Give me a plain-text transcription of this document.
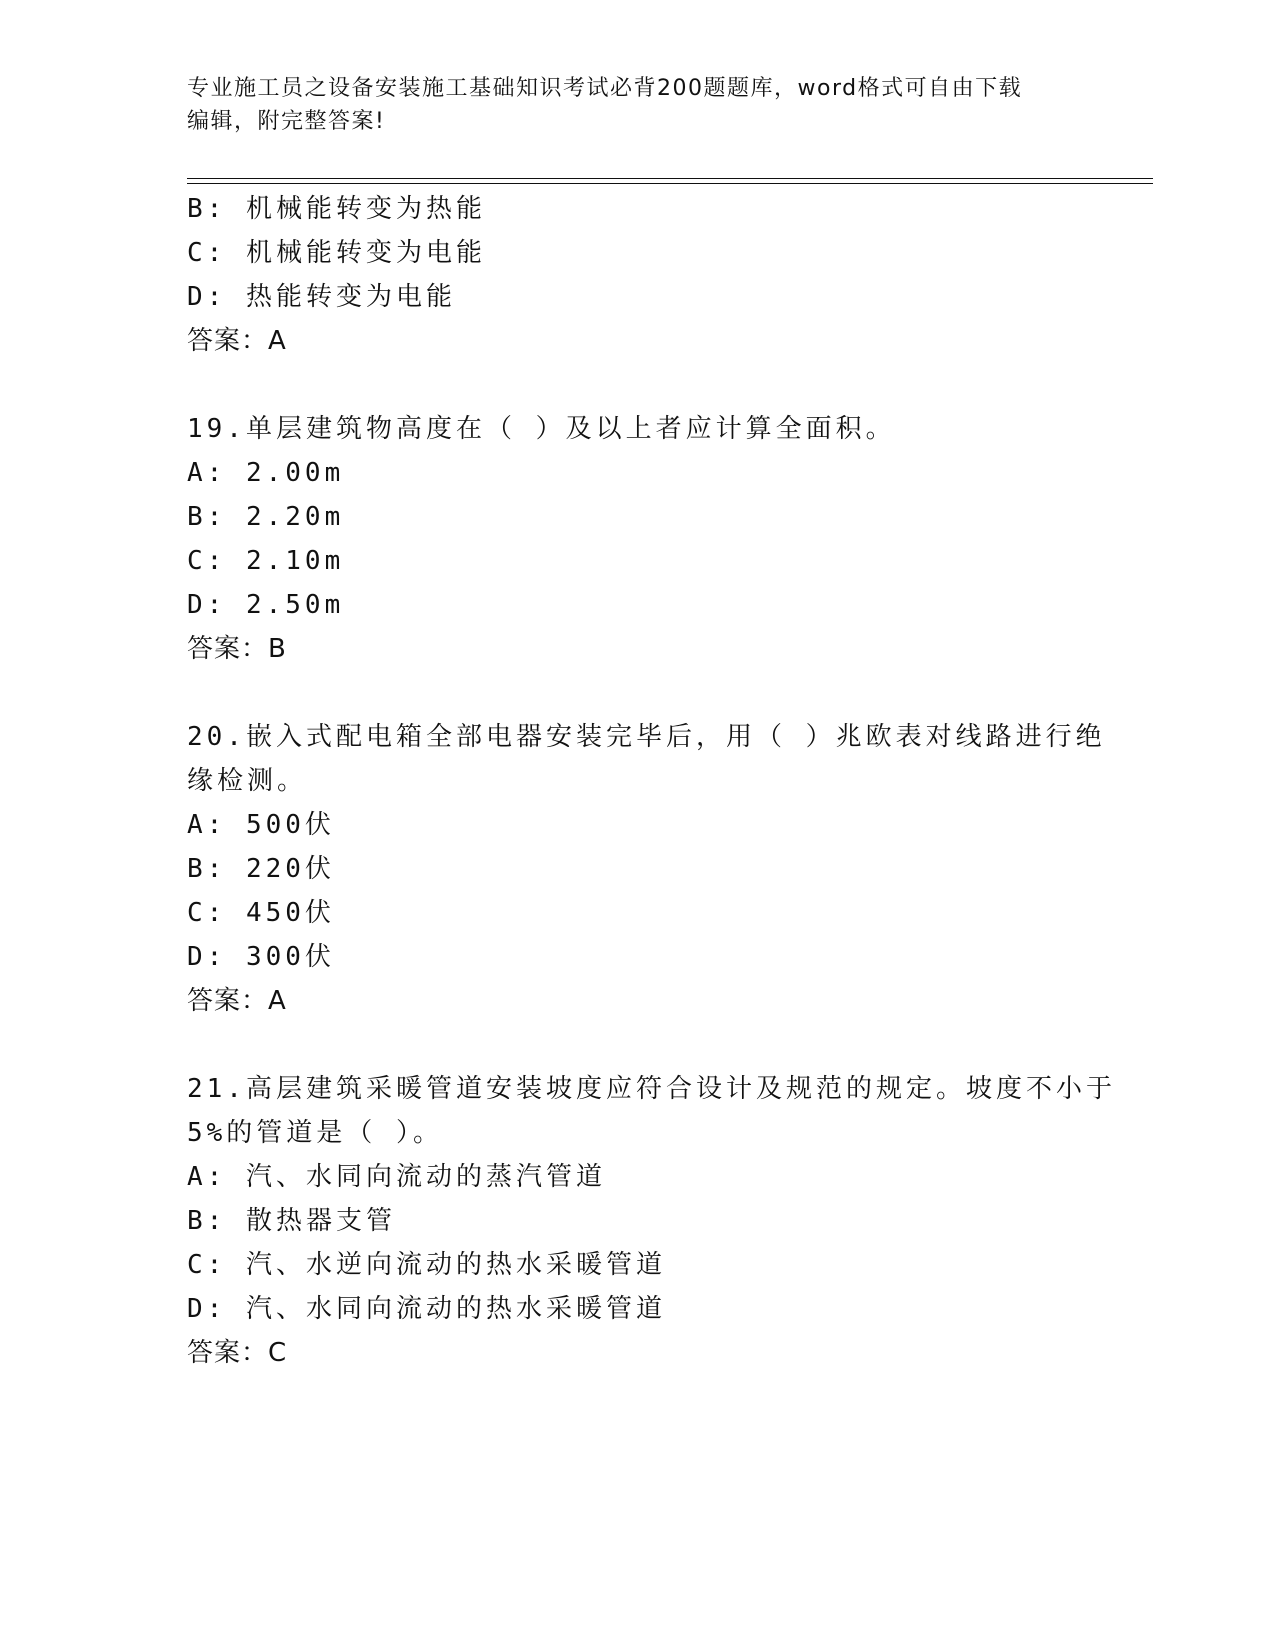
专业施工员之设备安装施工基础知识考试必背200题题库，word格式可自由下载
编辑，附完整答案!
B: 机械能转变为热能
C: 机械能转变为电能
D: 热能转变为电能
答案：A
19.单层建筑物高度在（ ）及以上者应计算全面积。
A: 2.00m
B: 2.20m
C: 2.10m
D: 2.50m
答案：B
20.嵌入式配电箱全部电器安装完毕后，用（ ）兆欧表对线路进行绝
缘检测。
A: 500伏
B: 220伏
C: 450伏
D: 300伏
答案：A
21.高层建筑采暖管道安装坡度应符合设计及规范的规定。坡度不小于
5%的管道是（ ）。
A: 汽、水同向流动的蒸汽管道
B: 散热器支管
C: 汽、水逆向流动的热水采暖管道
D: 汽、水同向流动的热水采暖管道
答案：C
